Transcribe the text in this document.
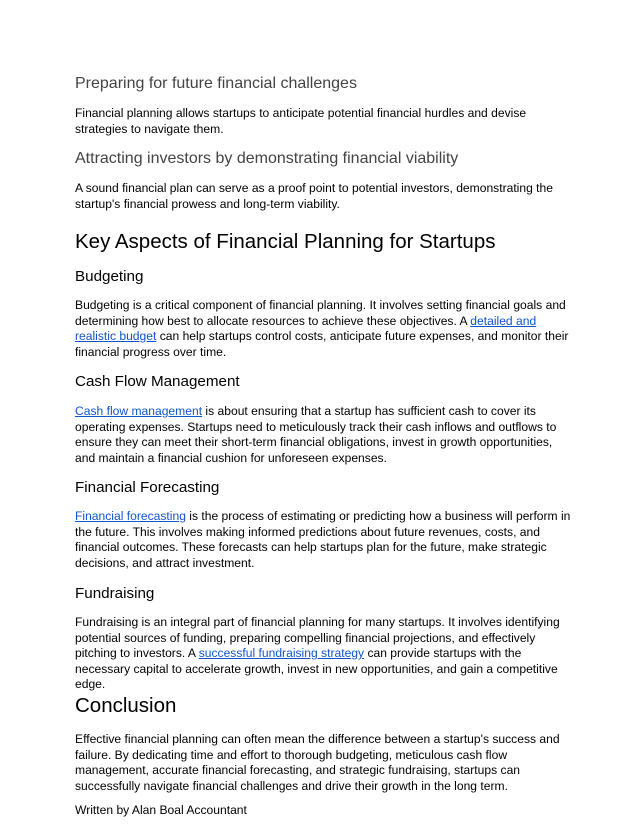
Preparing for future financial challenges
Financial planning allows startups to anticipate potential financial hurdles and devise strategies to navigate them.
Attracting investors by demonstrating financial viability
A sound financial plan can serve as a proof point to potential investors, demonstrating the startup's financial prowess and long-term viability.
Key Aspects of Financial Planning for Startups
Budgeting
Budgeting is a critical component of financial planning. It involves setting financial goals and determining how best to allocate resources to achieve these objectives. A detailed and realistic budget can help startups control costs, anticipate future expenses, and monitor their financial progress over time.
Cash Flow Management
Cash flow management is about ensuring that a startup has sufficient cash to cover its operating expenses. Startups need to meticulously track their cash inflows and outflows to ensure they can meet their short-term financial obligations, invest in growth opportunities, and maintain a financial cushion for unforeseen expenses.
Financial Forecasting
Financial forecasting is the process of estimating or predicting how a business will perform in the future. This involves making informed predictions about future revenues, costs, and financial outcomes. These forecasts can help startups plan for the future, make strategic decisions, and attract investment.
Fundraising
Fundraising is an integral part of financial planning for many startups. It involves identifying potential sources of funding, preparing compelling financial projections, and effectively pitching to investors. A successful fundraising strategy can provide startups with the necessary capital to accelerate growth, invest in new opportunities, and gain a competitive edge.
Conclusion
Effective financial planning can often mean the difference between a startup's success and failure. By dedicating time and effort to thorough budgeting, meticulous cash flow management, accurate financial forecasting, and strategic fundraising, startups can successfully navigate financial challenges and drive their growth in the long term.
Written by Alan Boal Accountant
